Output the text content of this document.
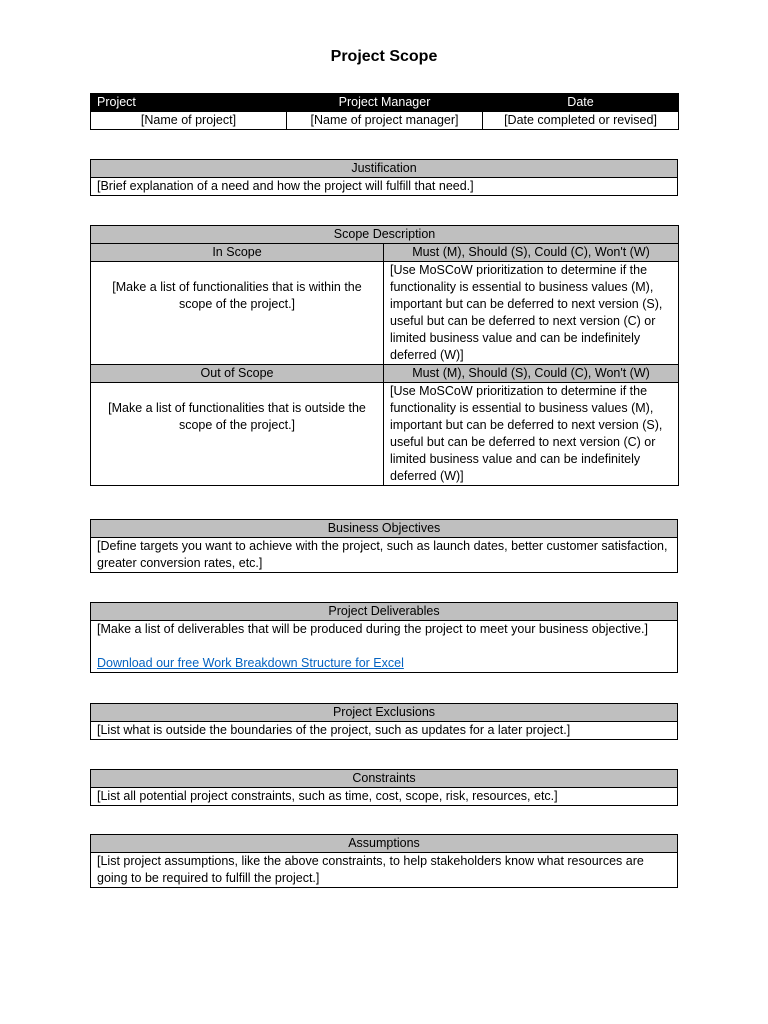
Project Scope
Project	Project Manager	Date
[Name of project]	[Name of project manager]	[Date completed or revised]
Justification
[Brief explanation of a need and how the project will fulfill that need.]
Scope Description	
In Scope	Must (M), Should (S), Could (C), Won't (W)
[Make a list of functionalities that is within the scope of the project.]	[Use MoSCoW prioritization to determine if the functionality is essential to business values (M), important but can be deferred to next version (S), useful but can be deferred to next version (C) or limited business value and can be indefinitely deferred (W)]
Out of Scope	Must (M), Should (S), Could (C), Won't (W)
[Make a list of functionalities that is outside the scope of the project.]	[Use MoSCoW prioritization to determine if the functionality is essential to business values (M), important but can be deferred to next version (S), useful but can be deferred to next version (C) or limited business value and can be indefinitely deferred (W)]
Business Objectives
[Define targets you want to achieve with the project, such as launch dates, better customer satisfaction, greater conversion rates, etc.]
Project Deliverables

[Make a list of deliverables that will be produced during the project to meet your business objective.]
Download our free Work Breakdown Structure for Excel
Project Exclusions
[List what is outside the boundaries of the project, such as updates for a later project.]
Constraints
[List all potential project constraints, such as time, cost, scope, risk, resources, etc.]
Assumptions
[List project assumptions, like the above constraints, to help stakeholders know what resources are going to be required to fulfill the project.]
